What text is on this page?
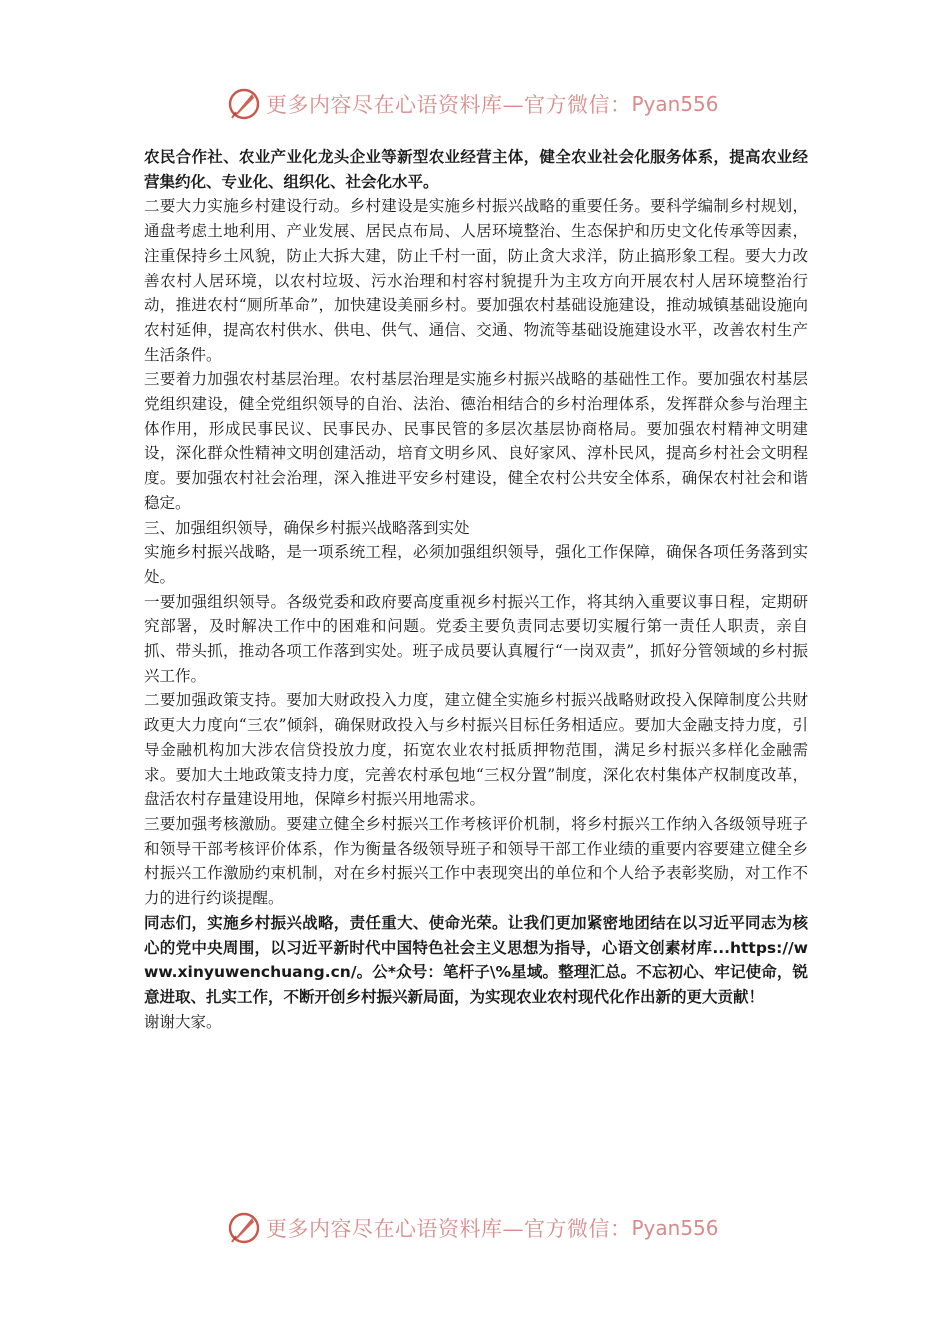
更多内容尽在心语资料库—官方微信： Pyan556

农民合作社、农业产业化龙头企业等新型农业经营主体，健全农业社会化服务体系，提高农业经营集约化、专业化、组织化、社会化水平。

二要大力实施乡村建设行动。乡村建设是实施乡村振兴战略的重要任务。要科学编制乡村规划，通盘考虑土地利用、产业发展、居民点布局、人居环境整治、生态保护和历史文化传承等因素，注重保持乡土风貌，防止大拆大建，防止千村一面，防止贪大求洋，防止搞形象工程。要大力改善农村人居环境，以农村垃圾、污水治理和村容村貌提升为主攻方向开展农村人居环境整治行动，推进农村“厕所革命”，加快建设美丽乡村。要加强农村基础设施建设，推动城镇基础设施向农村延伸，提高农村供水、供电、供气、通信、交通、物流等基础设施建设水平，改善农村生产生活条件。

三要着力加强农村基层治理。农村基层治理是实施乡村振兴战略的基础性工作。要加强农村基层党组织建设，健全党组织领导的自治、法治、德治相结合的乡村治理体系，发挥群众参与治理主体作用，形成民事民议、民事民办、民事民管的多层次基层协商格局。要加强农村精神文明建设，深化群众性精神文明创建活动，培育文明乡风、良好家风、淳朴民风，提高乡村社会文明程度。要加强农村社会治理，深入推进平安乡村建设，健全农村公共安全体系，确保农村社会和谐稳定。

三、加强组织领导，确保乡村振兴战略落到实处

实施乡村振兴战略，是一项系统工程，必须加强组织领导，强化工作保障，确保各项任务落到实处。

一要加强组织领导。各级党委和政府要高度重视乡村振兴工作，将其纳入重要议事日程，定期研究部署，及时解决工作中的困难和问题。党委主要负责同志要切实履行第一责任人职责，亲自抓、带头抓，推动各项工作落到实处。班子成员要认真履行“一岗双责”，抓好分管领域的乡村振兴工作。

二要加强政策支持。要加大财政投入力度，建立健全实施乡村振兴战略财政投入保障制度公共财政更大力度向“三农”倾斜，确保财政投入与乡村振兴目标任务相适应。要加大金融支持力度，引导金融机构加大涉农信贷投放力度，拓宽农业农村抵质押物范围，满足乡村振兴多样化金融需求。要加大土地政策支持力度，完善农村承包地“三权分置”制度，深化农村集体产权制度改革，盘活农村存量建设用地，保障乡村振兴用地需求。

三要加强考核激励。要建立健全乡村振兴工作考核评价机制，将乡村振兴工作纳入各级领导班子和领导干部考核评价体系，作为衡量各级领导班子和领导干部工作业绩的重要内容要建立健全乡村振兴工作激励约束机制，对在乡村振兴工作中表现突出的单位和个人给予表彰奖励，对工作不力的进行约谈提醒。

同志们，实施乡村振兴战略，责任重大、使命光荣。让我们更加紧密地团结在以习近平同志为核心的党中央周围，以习近平新时代中国特色社会主义思想为指导，心语文创素材库...https://www.xinyuwenchuang.cn/。公*众号：笔杆子\%星域。整理汇总。不忘初心、牢记使命，锐意进取、扎实工作，不断开创乡村振兴新局面，为实现农业农村现代化作出新的更大贡献！

谢谢大家。

更多内容尽在心语资料库—官方微信： Pyan556
